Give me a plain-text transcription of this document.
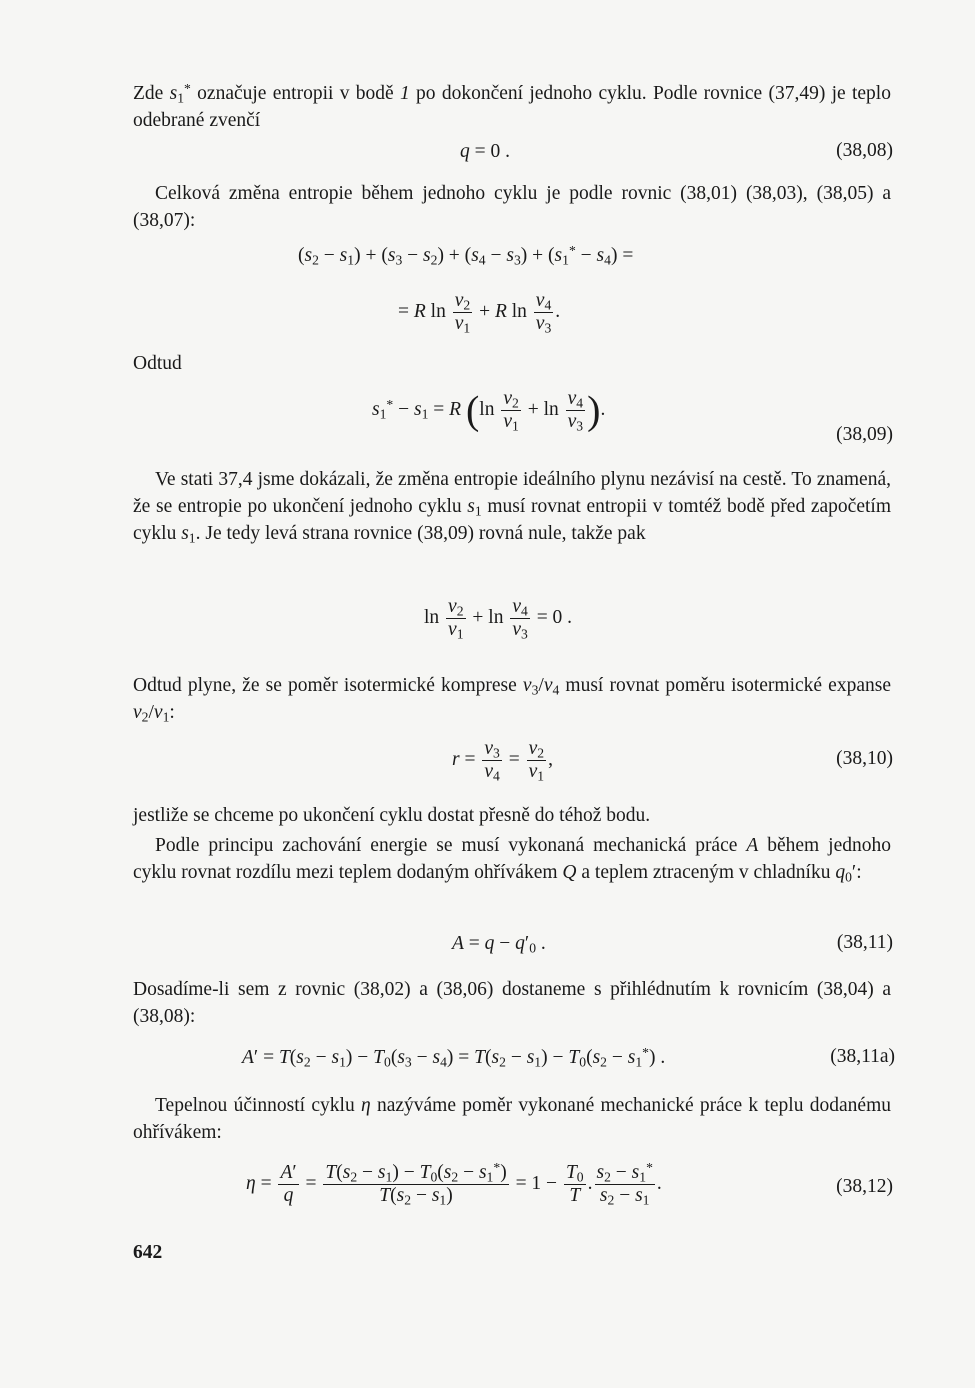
Zde $s_1^*$ označuje entropii v bodě 1 po dokončení jednoho cyklu. Podle rovnice (37,49) je teplo odebrané zvenčí

q = 0 .	(38,08)

Celková změna entropie během jednoho cyklu je podle rovnic (38,01) (38,03), (38,05) a (38,07):

$(s_2 - s_1) + (s_3 - s_2) + (s_4 - s_3) + (s_1^* - s_4)$ =
= R $\ln \frac{v_2}{v_1} + R$ $\ln \frac{v_4}{v_3}$ .

Odtud

$s_1^* - s_1 = R$ ($\ln \frac{v_2}{v_1} + \ln \frac{v_4}{v_3}$ ).
(38,09)

Ve stati 37,4 jsme dokázali, že změna entropie ideálního plynu nezávisí na cestě. To znamená, že se entropie po ukončení jednoho cyklu $s_1$ musí rovnat entropii v tomtéž bodě před započetím cyklu $s_1$. Je tedy levá strana rovnice (38,09) rovná nule, takže pak

$\ln \frac{v_2}{v_1} + \ln \frac{v_4}{v_3} = 0$ .

Odtud plyne, že se poměr isotermické komprese $v_3/v_4$ musí rovnat poměru isotermické expanse $v_2/v_1$:

$r = \frac{v_3}{v_4} = \frac{v_2}{v_1}$ ,	(38,10)

jestliže se chceme po ukončení cyklu dostat přesně do téhož bodu.

Podle principu zachování energie se musí vykonaná mechanická práce A během jednoho cyklu rovnat rozdílu mezi teplem dodaným ohřívákem Q a teplem ztraceným v chladníku $q_0'$:

$A = q - q'_0$ .	(38,11)

Dosadíme-li sem z rovnic (38,02) a (38,06) dostaneme s přihlédnutím k rovnicím (38,04) a (38,08):

$A' = T(s_2 - s_1) - T_0(s_3 - s_4) = T(s_2 - s_1) - T_0(s_2 - s_1^*)$ .	(38,11a)

Tepelnou účinností cyklu η nazýváme poměr vykonané mechanické práce k teplu dodanému ohřívákem:

$\eta = \frac{A'}{q} = \frac{T(s_2 - s_1) - T_0(s_2 - s_1^*)}{T(s_2 - s_1)} = 1 - \frac{T_0}{T}$ . $\frac{s_2 - s_1^*}{s_2 - s_1}$ .	(38,12)
642
